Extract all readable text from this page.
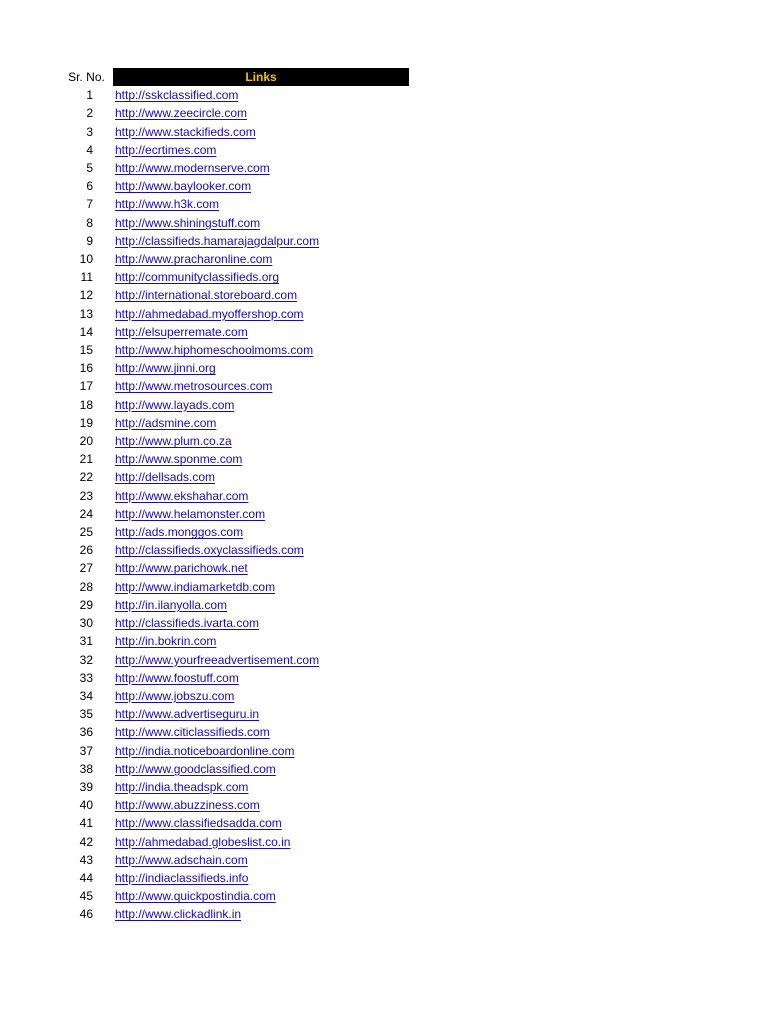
Sr. No.	Links
1	http://sskclassified.com
2	http://www.zeecircle.com
3	http://www.stackifieds.com
4	http://ecrtimes.com
5	http://www.modernserve.com
6	http://www.baylooker.com
7	http://www.h3k.com
8	http://www.shiningstuff.com
9	http://classifieds.hamarajagdalpur.com
10	http://www.pracharonline.com
11	http://communityclassifieds.org
12	http://international.storeboard.com
13	http://ahmedabad.myoffershop.com
14	http://elsuperremate.com
15	http://www.hiphomeschoolmoms.com
16	http://www.jinni.org
17	http://www.metrosources.com
18	http://www.layads.com
19	http://adsmine.com
20	http://www.plum.co.za
21	http://www.sponme.com
22	http://dellsads.com
23	http://www.ekshahar.com
24	http://www.helamonster.com
25	http://ads.monggos.com
26	http://classifieds.oxyclassifieds.com
27	http://www.parichowk.net
28	http://www.indiamarketdb.com
29	http://in.ilanyolla.com
30	http://classifieds.ivarta.com
31	http://in.bokrin.com
32	http://www.yourfreeadvertisement.com
33	http://www.foostuff.com
34	http://www.jobszu.com
35	http://www.advertiseguru.in
36	http://www.citiclassifieds.com
37	http://india.noticeboardonline.com
38	http://www.goodclassified.com
39	http://india.theadspk.com
40	http://www.abuzziness.com
41	http://www.classifiedsadda.com
42	http://ahmedabad.globeslist.co.in
43	http://www.adschain.com
44	http://indiaclassifieds.info
45	http://www.quickpostindia.com
46	http://www.clickadlink.in
